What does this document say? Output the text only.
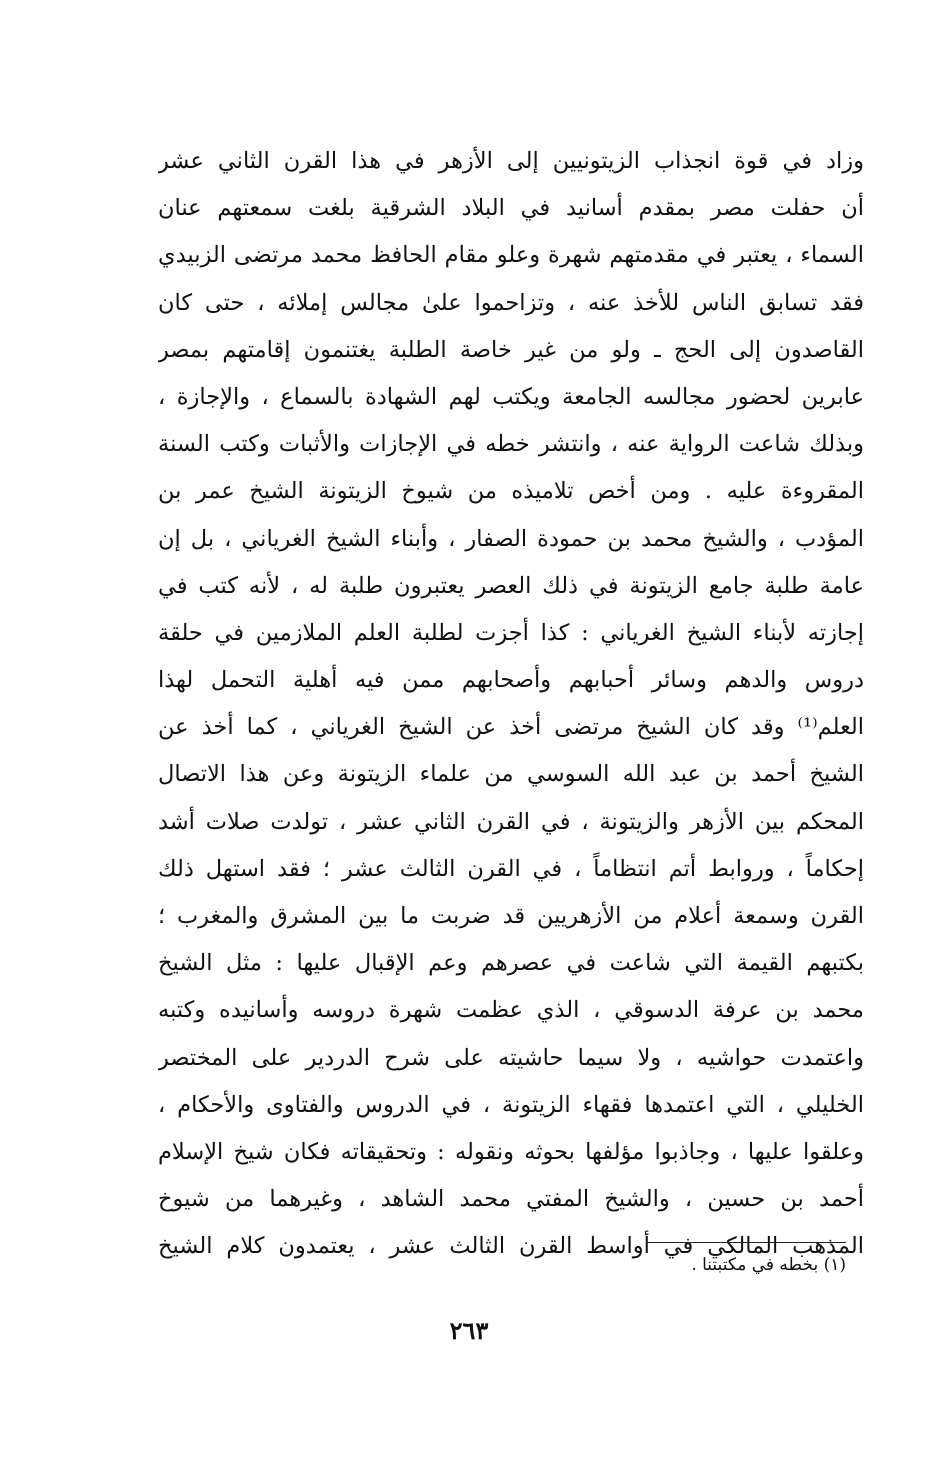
وزاد في قوة انجذاب الزيتونيين إلى الأزهر في هذا القرن الثاني عشر
أن حفلت مصر بمقدم أسانيد في البلاد الشرقية بلغت سمعتهم عنان
السماء ، يعتبر في مقدمتهم شهرة وعلو مقام الحافظ محمد مرتضى الزبيدي
فقد تسابق الناس للأخذ عنه ، وتزاحموا علىٰ مجالس إملائه ، حتى كان
القاصدون إلى الحج ـ ولو من غير خاصة الطلبة يغتنمون إقامتهم بمصر
عابرين لحضور مجالسه الجامعة ويكتب لهم الشهادة بالسماع ، والإجازة ،
وبذلك شاعت الرواية عنه ، وانتشر خطه في الإجازات والأثبات وكتب السنة
المقروءة عليه . ومن أخص تلاميذه من شيوخ الزيتونة الشيخ عمر بن
المؤدب ، والشيخ محمد بن حمودة الصفار ، وأبناء الشيخ الغرياني ، بل إن
عامة طلبة جامع الزيتونة في ذلك العصر يعتبرون طلبة له ، لأنه كتب في
إجازته لأبناء الشيخ الغرياني : كذا أجزت لطلبة العلم الملازمين في حلقة
دروس والدهم وسائر أحبابهم وأصحابهم ممن فيه أهلية التحمل لهذا
العلم⁽¹⁾ وقد كان الشيخ مرتضى أخذ عن الشيخ الغرياني ، كما أخذ عن
الشيخ أحمد بن عبد الله السوسي من علماء الزيتونة وعن هذا الاتصال
المحكم بين الأزهر والزيتونة ، في القرن الثاني عشر ، تولدت صلات أشد
إحكاماً ، وروابط أتم انتظاماً ، في القرن الثالث عشر ؛ فقد استهل ذلك
القرن وسمعة أعلام من الأزهريين قد ضربت ما بين المشرق والمغرب ؛
بكتبهم القيمة التي شاعت في عصرهم وعم الإقبال عليها : مثل الشيخ
محمد بن عرفة الدسوقي ، الذي عظمت شهرة دروسه وأسانيده وكتبه
واعتمدت حواشيه ، ولا سيما حاشيته على شرح الدردير على المختصر
الخليلي ، التي اعتمدها فقهاء الزيتونة ، في الدروس والفتاوى والأحكام ،
وعلقوا عليها ، وجاذبوا مؤلفها بحوثه ونقوله : وتحقيقاته فكان شيخ الإسلام
أحمد بن حسين ، والشيخ المفتي محمد الشاهد ، وغيرهما من شيوخ
المذهب المالكي في أواسط القرن الثالث عشر ، يعتمدون كلام الشيخ
(١) بخطه في مكتبتنا .
٢٦٣
